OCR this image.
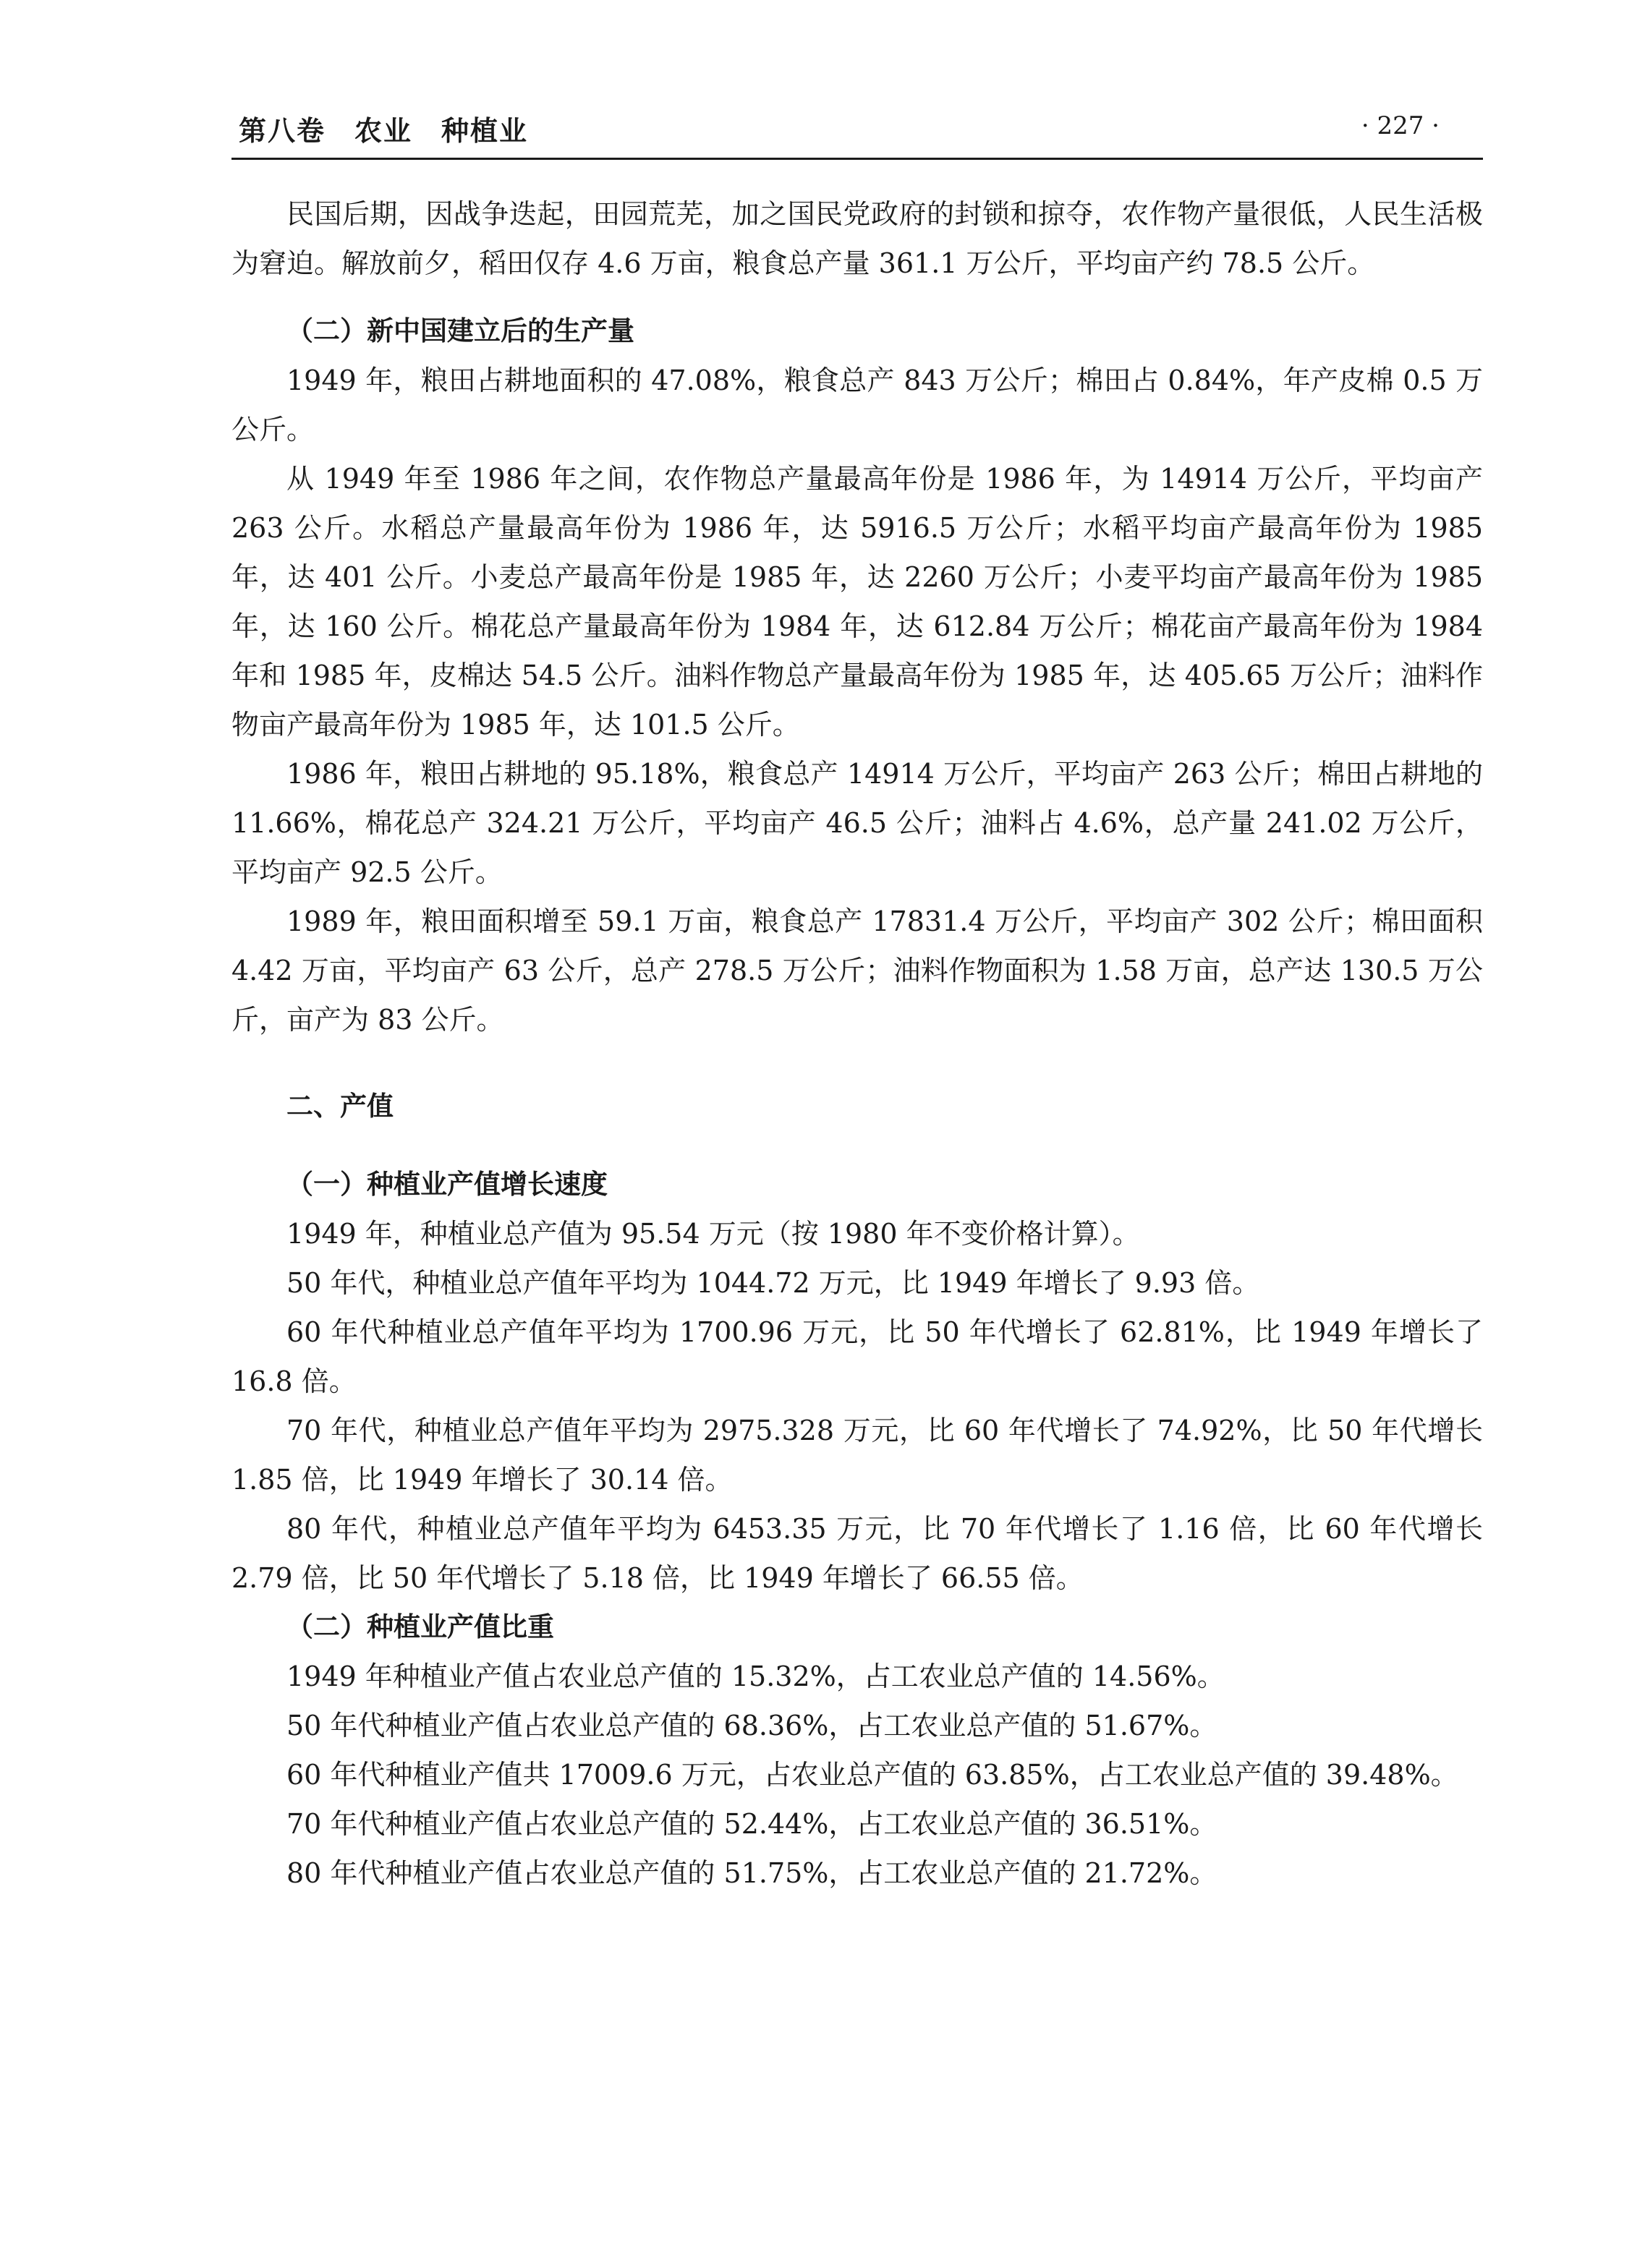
第八卷　农业　种植业	· 227 ·

民国后期，因战争迭起，田园荒芜，加之国民党政府的封锁和掠夺，农作物产量很低，人民生活极为窘迫。解放前夕，稻田仅存 4.6 万亩，粮食总产量 361.1 万公斤，平均亩产约 78.5 公斤。

（二）新中国建立后的生产量

1949 年，粮田占耕地面积的 47.08%，粮食总产 843 万公斤；棉田占 0.84%，年产皮棉 0.5 万公斤。

从 1949 年至 1986 年之间，农作物总产量最高年份是 1986 年，为 14914 万公斤，平均亩产 263 公斤。水稻总产量最高年份为 1986 年，达 5916.5 万公斤；水稻平均亩产最高年份为 1985 年，达 401 公斤。小麦总产最高年份是 1985 年，达 2260 万公斤；小麦平均亩产最高年份为 1985 年，达 160 公斤。棉花总产量最高年份为 1984 年，达 612.84 万公斤；棉花亩产最高年份为 1984 年和 1985 年，皮棉达 54.5 公斤。油料作物总产量最高年份为 1985 年，达 405.65 万公斤；油料作物亩产最高年份为 1985 年，达 101.5 公斤。

1986 年，粮田占耕地的 95.18%，粮食总产 14914 万公斤，平均亩产 263 公斤；棉田占耕地的 11.66%，棉花总产 324.21 万公斤，平均亩产 46.5 公斤；油料占 4.6%，总产量 241.02 万公斤，平均亩产 92.5 公斤。

1989 年，粮田面积增至 59.1 万亩，粮食总产 17831.4 万公斤，平均亩产 302 公斤；棉田面积 4.42 万亩，平均亩产 63 公斤，总产 278.5 万公斤；油料作物面积为 1.58 万亩，总产达 130.5 万公斤，亩产为 83 公斤。

二、产值
（一）种植业产值增长速度

1949 年，种植业总产值为 95.54 万元（按 1980 年不变价格计算）。

50 年代，种植业总产值年平均为 1044.72 万元，比 1949 年增长了 9.93 倍。

60 年代种植业总产值年平均为 1700.96 万元，比 50 年代增长了 62.81%，比 1949 年增长了 16.8 倍。

70 年代，种植业总产值年平均为 2975.328 万元，比 60 年代增长了 74.92%，比 50 年代增长 1.85 倍，比 1949 年增长了 30.14 倍。

80 年代，种植业总产值年平均为 6453.35 万元，比 70 年代增长了 1.16 倍，比 60 年代增长 2.79 倍，比 50 年代增长了 5.18 倍，比 1949 年增长了 66.55 倍。

（二）种植业产值比重

1949 年种植业产值占农业总产值的 15.32%，占工农业总产值的 14.56%。

50 年代种植业产值占农业总产值的 68.36%，占工农业总产值的 51.67%。

60 年代种植业产值共 17009.6 万元，占农业总产值的 63.85%，占工农业总产值的 39.48%。

70 年代种植业产值占农业总产值的 52.44%，占工农业总产值的 36.51%。

80 年代种植业产值占农业总产值的 51.75%，占工农业总产值的 21.72%。
